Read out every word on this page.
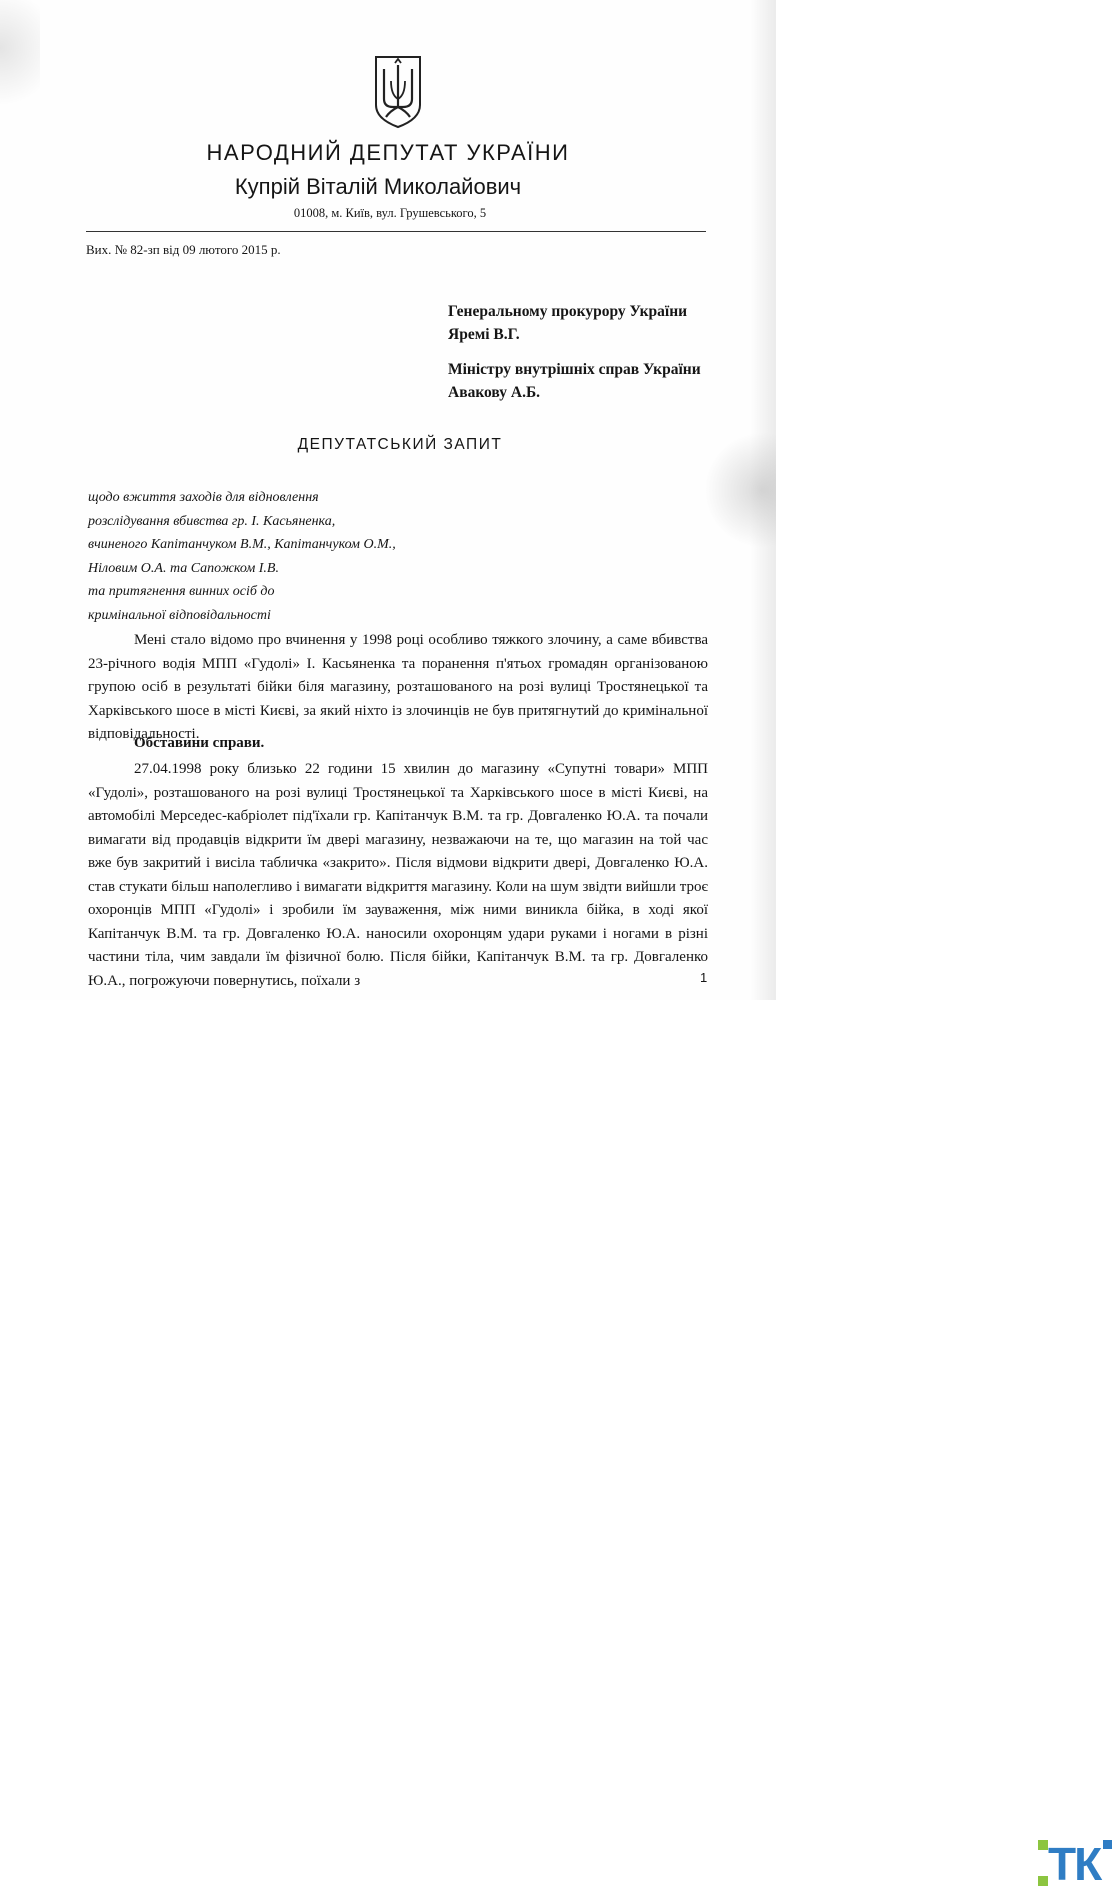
НАРОДНИЙ ДЕПУТАТ УКРАЇНИ
Купрій Віталій Миколайович
01008, м. Київ, вул. Грушевського, 5
Вих. № 82-зп від 09 лютого 2015 р.
Генеральному прокурору України
Яремі В.Г.
Міністру внутрішніх справ України
Авакову А.Б.
ДЕПУТАТСЬКИЙ ЗАПИТ
щодо вжиття заходів для відновлення
розслідування вбивства гр. І. Касьяненка,
вчиненого Капітанчуком В.М., Капітанчуком О.М.,
Ніловим О.А. та Сапожком І.В.
та притягнення винних осіб до
кримінальної відповідальності
Мені стало відомо про вчинення у 1998 році особливо тяжкого злочину, а саме вбивства 23-річного водія МПП «Гудолі» І. Касьяненка та поранення п'ятьох громадян організованою групою осіб в результаті бійки біля магазину, розташованого на розі вулиці Тростянецької та Харківського шосе в місті Києві, за який ніхто із злочинців не був притягнутий до кримінальної відповідальності.
Обставини справи.
27.04.1998 року близько 22 години 15 хвилин до магазину «Супутні товари» МПП «Гудолі», розташованого на розі вулиці Тростянецької та Харківського шосе в місті Києві, на автомобілі Мерседес-кабріолет під'їхали гр. Капітанчук В.М. та гр. Довгаленко Ю.А. та почали вимагати від продавців відкрити їм двері магазину, незважаючи на те, що магазин на той час вже був закритий і висіла табличка «закрито». Після відмови відкрити двері, Довгаленко Ю.А. став стукати більш наполегливо і вимагати відкриття магазину. Коли на шум звідти вийшли троє охоронців МПП «Гудолі» і зробили їм зауваження, між ними виникла бійка, в ході якої Капітанчук В.М. та гр. Довгаленко Ю.А. наносили охоронцям удари руками і ногами в різні частини тіла, чим завдали їм фізичної болю. Після бійки, Капітанчук В.М. та гр. Довгаленко Ю.А., погрожуючи повернутись, поїхали з
ТК
1
